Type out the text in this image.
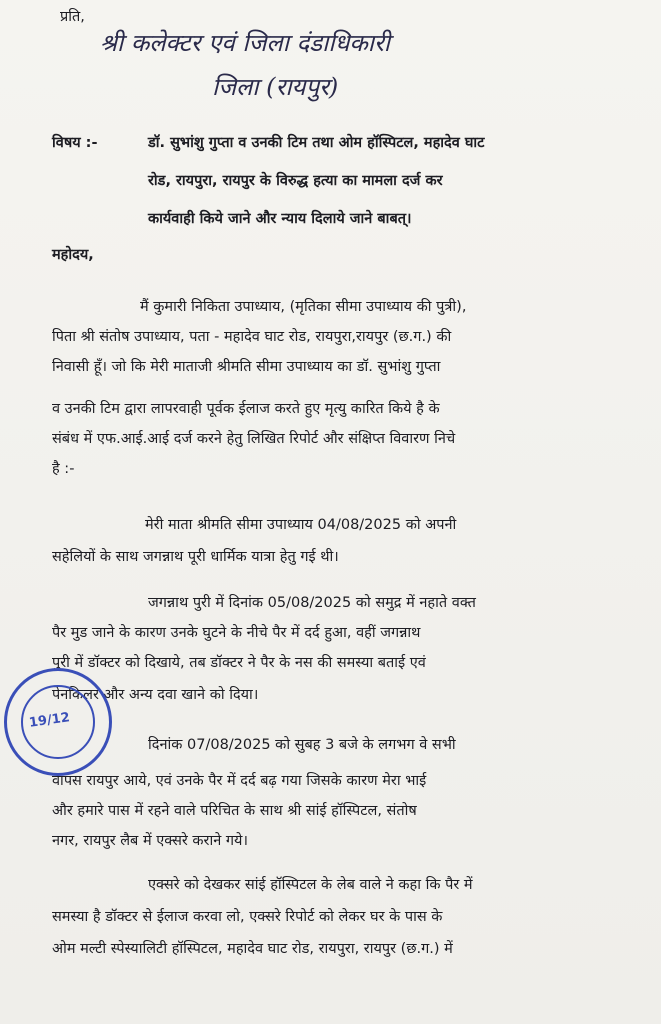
प्रति,
श्री कलेक्टर एवं जिला दंडाधिकारी
जिला (रायपुर)
विषय :-	डॉ. सुभांशु गुप्ता व उनकी टिम तथा ओम हॉस्पिटल, महादेव घाट
रोड, रायपुरा, रायपुर के विरुद्ध हत्या का मामला दर्ज कर
कार्यवाही किये जाने और न्याय दिलाये जाने बाबत्।
महोदय,
मैं कुमारी निकिता उपाध्याय, (मृतिका सीमा उपाध्याय की पुत्री),
पिता श्री संतोष उपाध्याय, पता - महादेव घाट रोड, रायपुरा,रायपुर (छ.ग.) की
निवासी हूँ। जो कि मेरी माताजी श्रीमति सीमा उपाध्याय का डॉ. सुभांशु गुप्ता
व उनकी टिम द्वारा लापरवाही पूर्वक ईलाज करते हुए मृत्यु कारित किये है के
संबंध में एफ.आई.आई दर्ज करने हेतु लिखित रिपोर्ट और संक्षिप्त विवारण निचे
है :-
मेरी माता श्रीमति सीमा उपाध्याय 04/08/2025 को अपनी
सहेलियों के साथ जगन्नाथ पूरी धार्मिक यात्रा हेतु गई थी।
जगन्नाथ पुरी में दिनांक 05/08/2025 को समुद्र में नहाते वक्त
पैर मुड जाने के कारण उनके घुटने के नीचे पैर में दर्द हुआ, वहीं जगन्नाथ
पुरी में डॉक्टर को दिखाये, तब डॉक्टर ने पैर के नस की समस्या बताई एवं
पेनकिलर और अन्य दवा खाने को दिया।
दिनांक 07/08/2025 को सुबह 3 बजे के लगभग वे सभी
वापस रायपुर आये, एवं उनके पैर में दर्द बढ़ गया जिसके कारण मेरा भाई
और हमारे पास में रहने वाले परिचित के साथ श्री सांई हॉस्पिटल, संतोष
नगर, रायपुर लैब में एक्सरे कराने गये।
एक्सरे को देखकर सांई हॉस्पिटल के लेब वाले ने कहा कि पैर में
समस्या है डॉक्टर से ईलाज करवा लो, एक्सरे रिपोर्ट को लेकर घर के पास के
ओम मल्टी स्पेस्यालिटी हॉस्पिटल, महादेव घाट रोड, रायपुरा, रायपुर (छ.ग.) में
19/12
